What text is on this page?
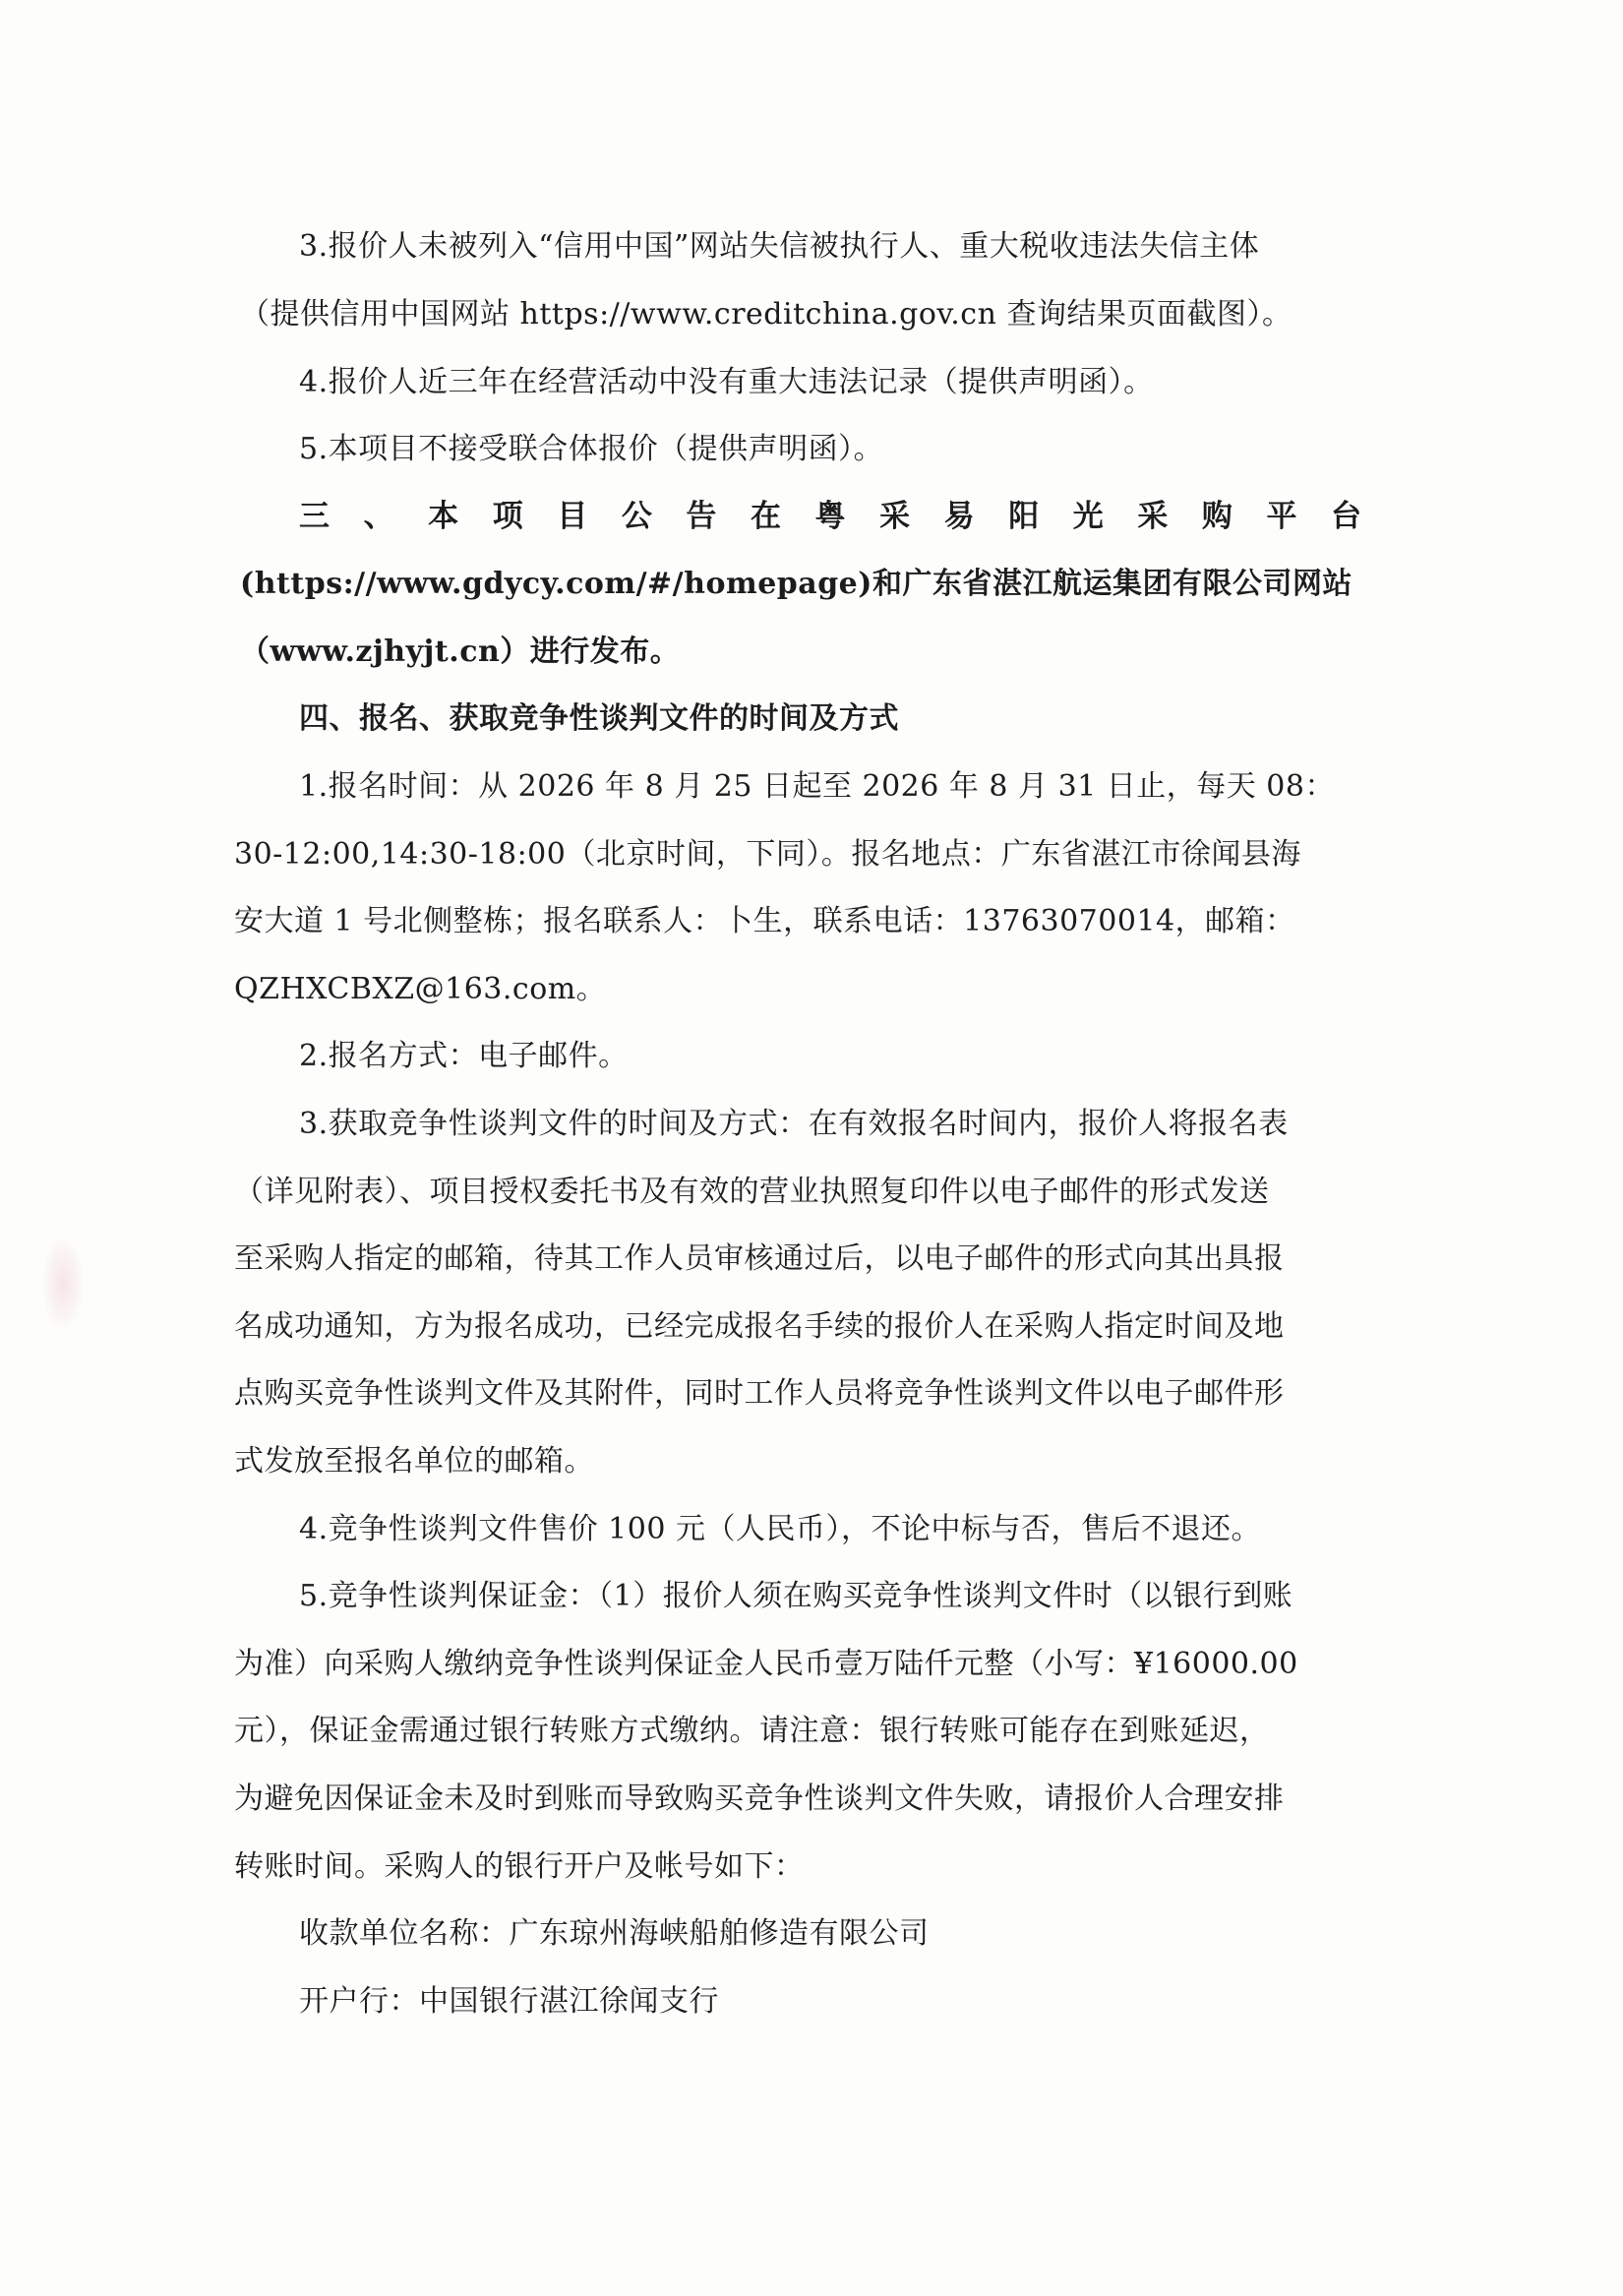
3.报价人未被列入“信用中国”网站失信被执行人、重大税收违法失信主体
（提供信用中国网站 https://www.creditchina.gov.cn 查询结果页面截图）。
4.报价人近三年在经营活动中没有重大违法记录（提供声明函）。
5.本项目不接受联合体报价（提供声明函）。
三 、 本 项 目 公 告 在 粤 采 易 阳 光 采 购 平 台
(https://www.gdycy.com/#/homepage)和广东省湛江航运集团有限公司网站
（www.zjhyjt.cn）进行发布。
四、报名、获取竞争性谈判文件的时间及方式
1.报名时间：从 2026 年 8 月 25 日起至 2026 年 8 月 31 日止，每天 08：
30-12:00,14:30-18:00（北京时间，下同）。报名地点：广东省湛江市徐闻县海
安大道 1 号北侧整栋；报名联系人：卜生，联系电话：13763070014，邮箱：
QZHXCBXZ@163.com。
2.报名方式：电子邮件。
3.获取竞争性谈判文件的时间及方式：在有效报名时间内，报价人将报名表
（详见附表）、项目授权委托书及有效的营业执照复印件以电子邮件的形式发送
至采购人指定的邮箱，待其工作人员审核通过后，以电子邮件的形式向其出具报
名成功通知，方为报名成功，已经完成报名手续的报价人在采购人指定时间及地
点购买竞争性谈判文件及其附件，同时工作人员将竞争性谈判文件以电子邮件形
式发放至报名单位的邮箱。
4.竞争性谈判文件售价 100 元（人民币），不论中标与否，售后不退还。
5.竞争性谈判保证金：（1）报价人须在购买竞争性谈判文件时（以银行到账
为准）向采购人缴纳竞争性谈判保证金人民币壹万陆仟元整（小写：¥16000.00
元），保证金需通过银行转账方式缴纳。请注意：银行转账可能存在到账延迟，
为避免因保证金未及时到账而导致购买竞争性谈判文件失败，请报价人合理安排
转账时间。采购人的银行开户及帐号如下：
收款单位名称：广东琼州海峡船舶修造有限公司
开户行：中国银行湛江徐闻支行
